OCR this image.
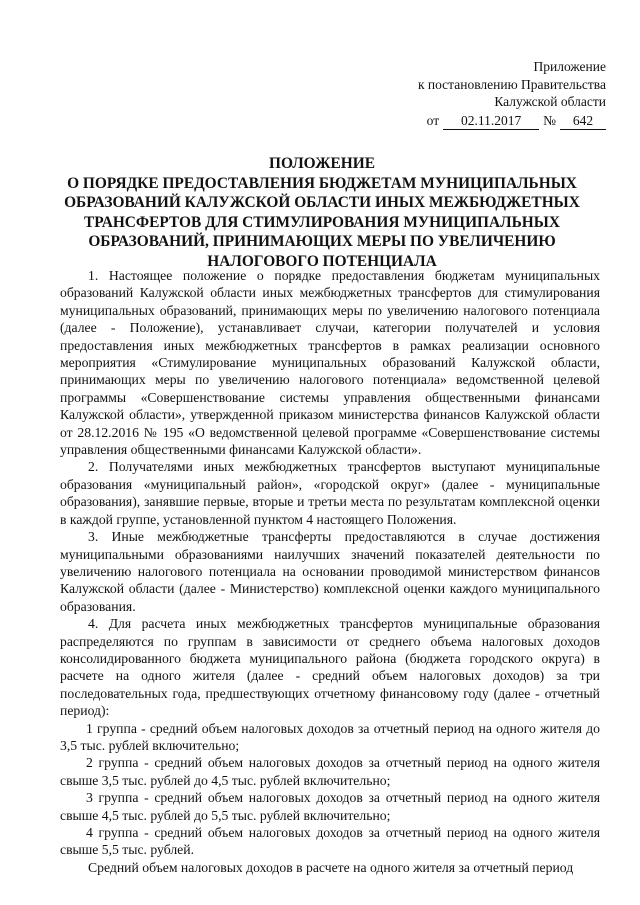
Приложение
к постановлению Правительства
Калужской области
от	02.11.2017	№	642
ПОЛОЖЕНИЕ
О ПОРЯДКЕ ПРЕДОСТАВЛЕНИЯ БЮДЖЕТАМ МУНИЦИПАЛЬНЫХ ОБРАЗОВАНИЙ КАЛУЖСКОЙ ОБЛАСТИ ИНЫХ МЕЖБЮДЖЕТНЫХ ТРАНСФЕРТОВ ДЛЯ СТИМУЛИРОВАНИЯ МУНИЦИПАЛЬНЫХ ОБРАЗОВАНИЙ, ПРИНИМАЮЩИХ МЕРЫ ПО УВЕЛИЧЕНИЮ НАЛОГОВОГО ПОТЕНЦИАЛА

1. Настоящее положение о порядке предоставления бюджетам муниципальных образований Калужской области иных межбюджетных трансфертов для стимулирования муниципальных образований, принимающих меры по увеличению налогового потенциала (далее - Положение), устанавливает случаи, категории получателей и условия предоставления иных межбюджетных трансфертов в рамках реализации основного мероприятия «Стимулирование муниципальных образований Калужской области, принимающих меры по увеличению налогового потенциала» ведомственной целевой программы «Совершенствование системы управления общественными финансами Калужской области», утвержденной приказом министерства финансов Калужской области от 28.12.2016 № 195 «О ведомственной целевой программе «Совершенствование системы управления общественными финансами Калужской области».

2. Получателями иных межбюджетных трансфертов выступают муниципальные образования «муниципальный район», «городской округ» (далее - муниципальные образования), занявшие первые, вторые и третьи места по результатам комплексной оценки в каждой группе, установленной пунктом 4 настоящего Положения.

3. Иные межбюджетные трансферты предоставляются в случае достижения муниципальными образованиями наилучших значений показателей деятельности по увеличению налогового потенциала на основании проводимой министерством финансов Калужской области (далее - Министерство) комплексной оценки каждого муниципального образования.

4. Для расчета иных межбюджетных трансфертов муниципальные образования распределяются по группам в зависимости от среднего объема налоговых доходов консолидированного бюджета муниципального района (бюджета городского округа) в расчете на одного жителя (далее - средний объем налоговых доходов) за три последовательных года, предшествующих отчетному финансовому году (далее - отчетный период):

1 группа - средний объем налоговых доходов за отчетный период на одного жителя до 3,5 тыс. рублей включительно;

2 группа - средний объем налоговых доходов за отчетный период на одного жителя свыше 3,5 тыс. рублей до 4,5 тыс. рублей включительно;

3 группа - средний объем налоговых доходов за отчетный период на одного жителя свыше 4,5 тыс. рублей до 5,5 тыс. рублей включительно;

4 группа - средний объем налоговых доходов за отчетный период на одного жителя свыше 5,5 тыс. рублей.

Средний объем налоговых доходов в расчете на одного жителя за отчетный период
